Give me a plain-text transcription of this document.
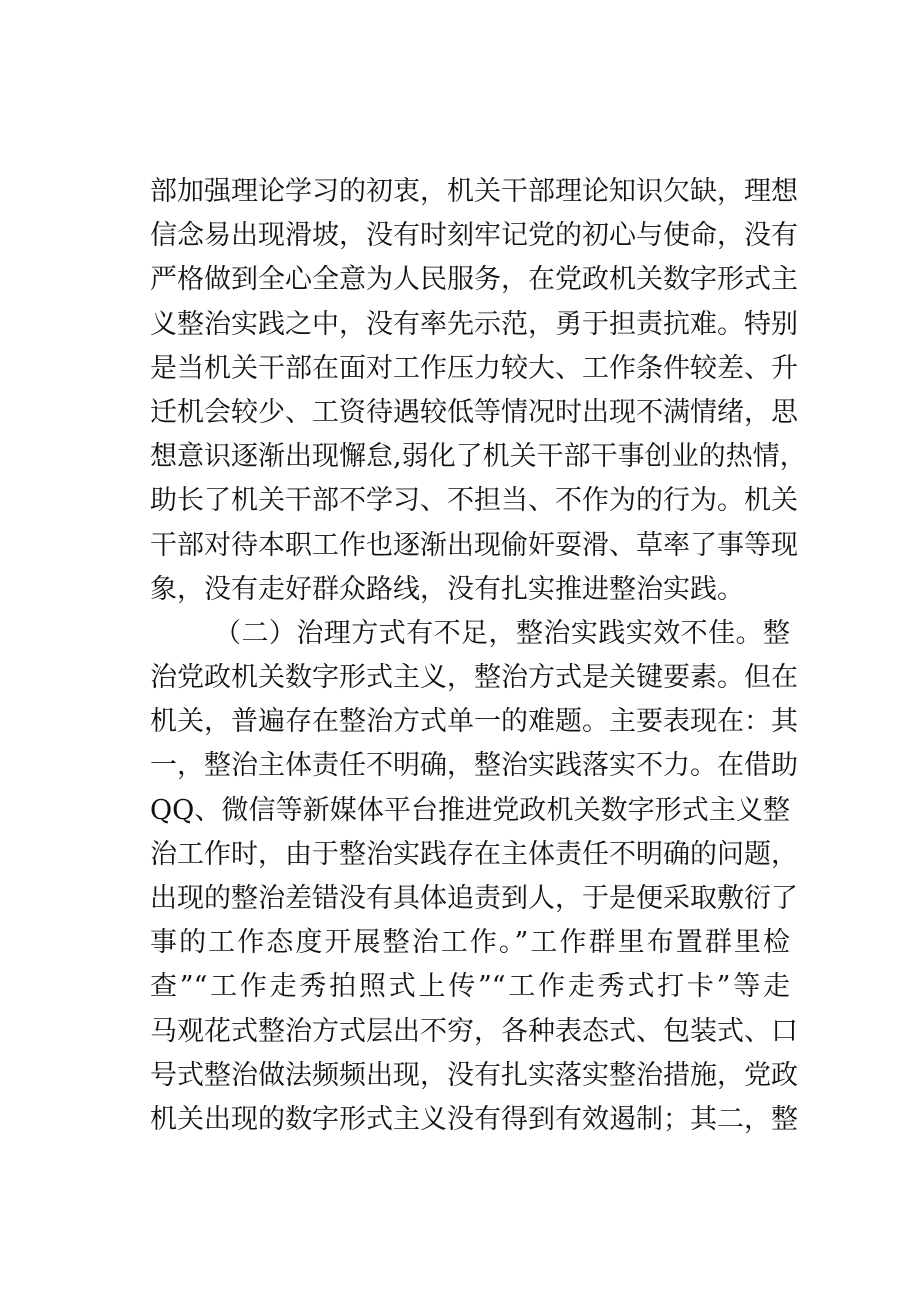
部加强理论学习的初衷，机关干部理论知识欠缺，理想
信念易出现滑坡，没有时刻牢记党的初心与使命，没有
严格做到全心全意为人民服务，在党政机关数字形式主
义整治实践之中，没有率先示范，勇于担责抗难。特别
是当机关干部在面对工作压力较大、工作条件较差、升
迁机会较少、工资待遇较低等情况时出现不满情绪，思
想意识逐渐出现懈怠,弱化了机关干部干事创业的热情，
助长了机关干部不学习、不担当、不作为的行为。机关
干部对待本职工作也逐渐出现偷奸耍滑、草率了事等现
象，没有走好群众路线，没有扎实推进整治实践。
（二）治理方式有不足，整治实践实效不佳。整
治党政机关数字形式主义，整治方式是关键要素。但在
机关，普遍存在整治方式单一的难题。主要表现在：其
一，整治主体责任不明确，整治实践落实不力。在借助
QQ、微信等新媒体平台推进党政机关数字形式主义整
治工作时，由于整治实践存在主体责任不明确的问题，
出现的整治差错没有具体追责到人，于是便采取敷衍了
事的工作态度开展整治工作。”工作群里布置群里检
查”“工作走秀拍照式上传”“工作走秀式打卡”等走
马观花式整治方式层出不穷，各种表态式、包装式、口
号式整治做法频频出现，没有扎实落实整治措施，党政
机关出现的数字形式主义没有得到有效遏制；其二，整
